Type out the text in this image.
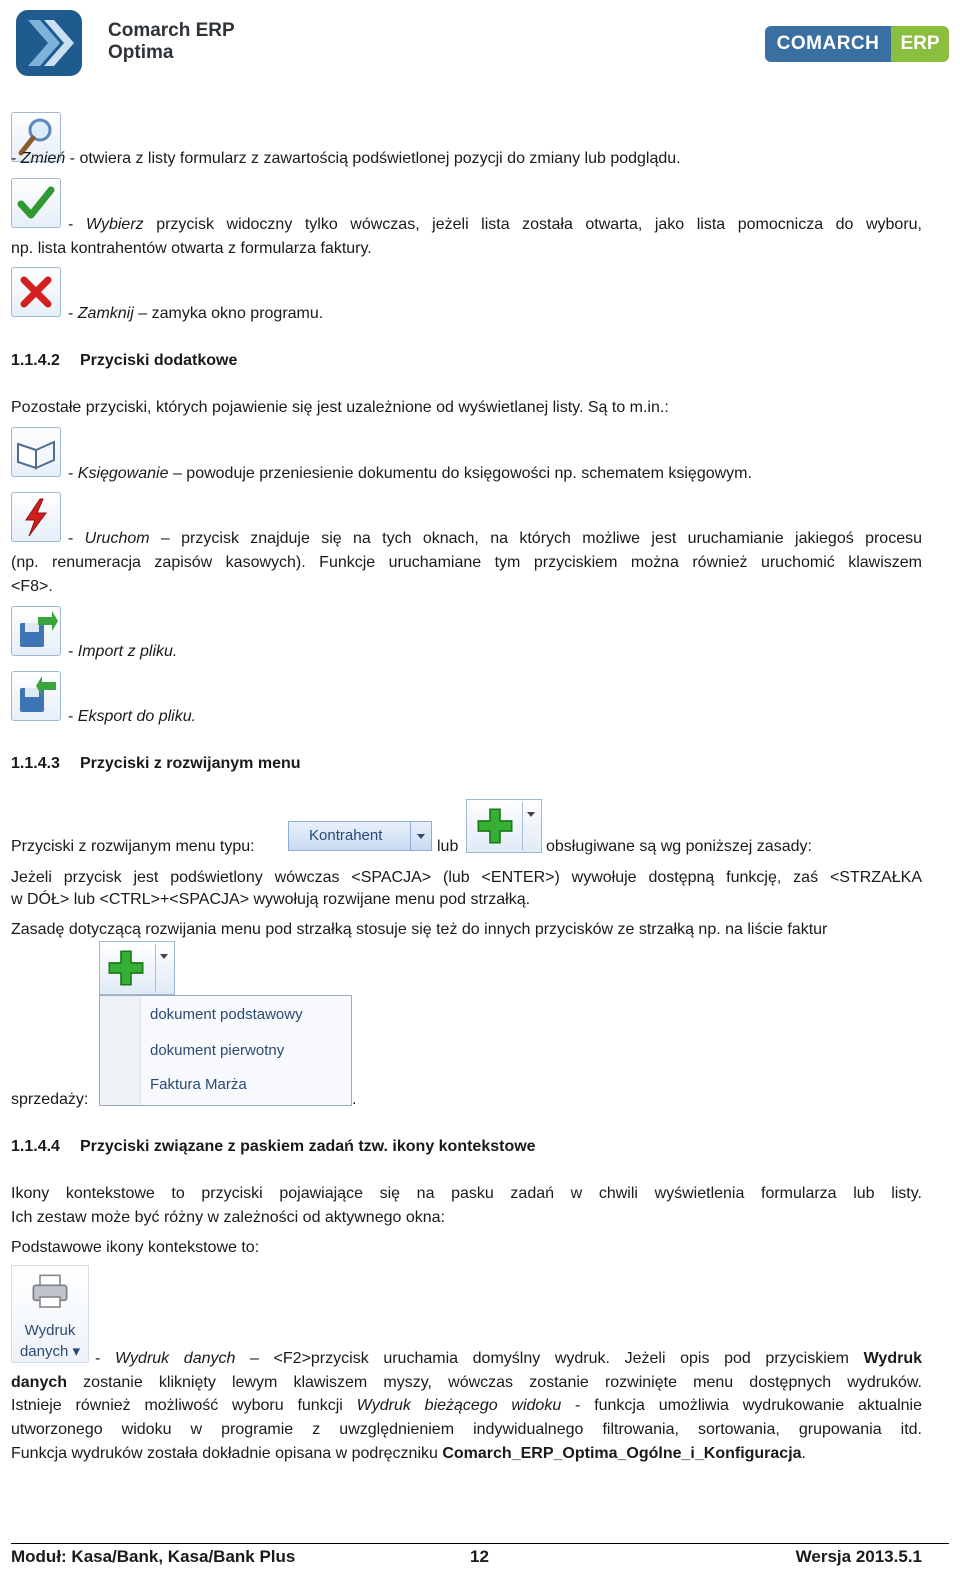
Comarch ERP
Optima	COMARCH	ERP
- Zmień - otwiera z listy formularz z zawartością podświetlonej pozycji do zmiany lub podglądu.
- Wybierz przycisk widoczny tylko wówczas, jeżeli lista została otwarta, jako lista pomocnicza do wyboru,
np. lista kontrahentów otwarta z formularza faktury.
- Zamknij – zamyka okno programu.
1.1.4.2 Przyciski dodatkowe
Pozostałe przyciski, których pojawienie się jest uzależnione od wyświetlanej listy. Są to m.in.:
- Księgowanie – powoduje przeniesienie dokumentu do księgowości np. schematem księgowym.
- Uruchom – przycisk znajduje się na tych oknach, na których możliwe jest uruchamianie jakiegoś procesu
(np. renumeracja zapisów kasowych). Funkcje uruchamiane tym przyciskiem można również uruchomić klawiszem
<F8>.
- Import z pliku.
- Eksport do pliku.
1.1.4.3 Przyciski z rozwijanym menu
Przyciski z rozwijanym menu typu:
Kontrahent
lub	obsługiwane są wg poniższej zasady:
Jeżeli przycisk jest podświetlony wówczas <SPACJA> (lub <ENTER>) wywołuje dostępną funkcję, zaś <STRZAŁKA
w DÓŁ> lub <CTRL>+<SPACJA> wywołują rozwijane menu pod strzałką.
Zasadę dotyczącą rozwijania menu pod strzałką stosuje się też do innych przycisków ze strzałką np. na liście faktur
dokument podstawowy
dokument pierwotny
Faktura Marża
sprzedaży:	.
1.1.4.4 Przyciski związane z paskiem zadań tzw. ikony kontekstowe
Ikony kontekstowe to przyciski pojawiające się na pasku zadań w chwili wyświetlenia formularza lub listy.
Ich zestaw może być różny w zależności od aktywnego okna:
Podstawowe ikony kontekstowe to:
Wydruk
danych ▾ - Wydruk danych – <F2>przycisk uruchamia domyślny wydruk. Jeżeli opis pod przyciskiem Wydruk
danych zostanie kliknięty lewym klawiszem myszy, wówczas zostanie rozwinięte menu dostępnych wydruków.
Istnieje również możliwość wyboru funkcji Wydruk bieżącego widoku - funkcja umożliwia wydrukowanie aktualnie
utworzonego widoku w programie z uwzględnieniem indywidualnego filtrowania, sortowania, grupowania itd.
Funkcja wydruków została dokładnie opisana w podręczniku Comarch_ERP_Optima_Ogólne_i_Konfiguracja.
Moduł: Kasa/Bank, Kasa/Bank Plus	12	Wersja 2013.5.1
